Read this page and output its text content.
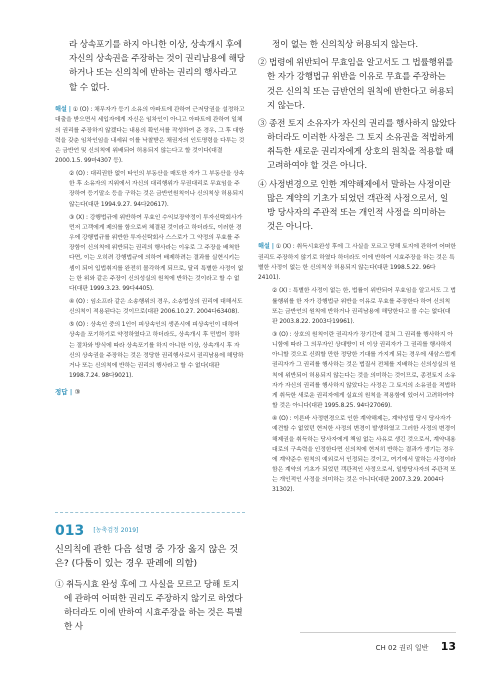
라 상속포기를 하지 아니한 이상, 상속개시 후에 자신의 상속권을 주장하는 것이 권리남용에 해당하거나 또는 신의칙에 반하는 권리의 행사라고 할 수 없다.

해설 | ① (O) : 채무자가 등기 소유의 아파트에 관하여 근저당권을 설정하고 대출을 받으면서 세입자에게 자신은 임차인이 아니고 아파트에 관하여 일체의 권리를 주장하지 않겠다는 내용의 확인서를 작성하여 준 경우, 그 후 대항력을 갖춘 임차인임을 내세워 이를 낙찰받은 채권자의 인도명령을 다투는 것은 금반언 및 신의칙에 위배되어 허용되지 않는다고 할 것이다(대결 2000.1.5. 99마4307 등).
② (O) : 대리권한 없이 타인의 부동산을 매도한 자가 그 부동산을 상속한 후 소유자의 지위에서 자신의 대리행위가 무권대리로 무효임을 주장하여 등기말소 등을 구하는 것은 금반언원칙이나 신의칙상 허용되지 않는다(대판 1994.9.27. 94다20617).
③ (X) : 강행법규에 위반하여 무효인 수익보장약정이 투자신탁회사가 먼저 고객에게 제의를 함으로써 체결된 것이라고 하더라도, 이러한 경우에 강행법규를 위반한 투자신탁회사 스스로가 그 약정의 무효를 주장함이 신의칙에 위반되는 권리의 행사라는 이유로 그 주장을 배척한다면, 이는 오히려 강행법규에 의하여 배제하려는 결과를 실현시키는 셈이 되어 입법취지를 완전히 몰각하게 되므로, 달리 특별한 사정이 없는 한 위와 같은 주장이 신의성실의 원칙에 반하는 것이라고 할 수 없다(대판 1999.3.23. 99다4405).
④ (O) : 임소프라 같은 소송행위의 경우, 소송법상의 권리에 대해서도 신의칙이 적용된다는 것이므로(대판 2006.10.27. 2004다63408).
⑤ (O) : 상속인 중의 1인이 피상속인의 생존시에 피상속인이 대하여 상속을 포기하기로 약정하였다고 하더라도, 상속개시 후 민법이 정하는 절차와 방식에 따라 상속포기를 하지 아니한 이상, 상속개시 후 자신의 상속권을 주장하는 것은 정당한 권리행사로서 권리남용에 해당하거나 또는 신의칙에 반하는 권리의 행사라고 할 수 없다(대판 1998.7.24. 98다9021).
정답 | ③
013 [농축검정 2019]
신의칙에 관한 다음 설명 중 가장 옳지 않은 것은? (다툼이 있는 경우 판례에 의함)
① 취득시효 완성 후에 그 사실을 모르고 당해 토지에 관하여 어떠한 권리도 주장하지 않기로 하였다 하더라도 이에 반하여 시효주장을 하는 것은 특별한 사

정이 없는 한 신의칙상 허용되지 않는다.

② 법령에 위반되어 무효임을 알고서도 그 법률행위를 한 자가 강행법규 위반을 이유로 무효를 주장하는 것은 신의칙 또는 금반언의 원칙에 반한다고 허용되지 않는다.
③ 종전 토지 소유자가 자신의 권리를 행사하지 않았다 하더라도 이러한 사정은 그 토지 소유권을 적법하게 취득한 새로운 권리자에게 상호의 원칙을 적용할 때 고려하여야 할 것은 아니다.
④ 사정변경으로 인한 계약해제에서 말하는 사정이란 많은 계약의 기초가 되었던 객관적 사정으로서, 일방 당사자의 주관적 또는 개인적 사정을 의미하는 것은 아니다.
해설 | ① (X) : 취득시효완성 후에 그 사실을 모르고 당해 토지에 관하여 어떠한 권리도 주장하지 않기로 하였다 하더라도 이에 반하여 시효주장을 하는 것은 특별한 사정이 없는 한 신의칙상 허용되지 않는다(대판 1998.5.22. 96다24101).
② (X) : 특별한 사정이 없는 한, 법률이 위반되어 무효임을 알고서도 그 법률행위를 한 자가 강행법규 위반을 이유로 무효를 주장한다 하여 신의칙 또는 금반언의 원칙에 반하거나 권리남용에 해당한다고 볼 수는 없다(대판 2003.8.22. 2003다19961).
③ (O) : 상호의 원칙이란 권리자가 장기간에 걸쳐 그 권리를 행사하지 아니함에 따라 그 의무자인 상대방이 더 이상 권리자가 그 권리를 행사하지 아니할 것으로 신뢰할 만한 정당한 기대를 가지게 되는 경우에 새삼스럽게 권리자가 그 권리를 행사하는 것은 법질서 전체를 지배하는 신의성실의 원칙에 위반되어 허용되지 않는다는 것을 의미하는 것이므로, 종전토지 소유자가 자신의 권리를 행사하지 않았다는 사정은 그 토지의 소유권을 적법하게 취득한 새로운 권리자에게 실효의 원칙을 적용함에 있어서 고려하여야 할 것은 아니다(대판 1995.8.25. 94다27069).
④ (O) : 이른바 사정변경으로 인한 계약해제는, 계약성립 당시 당사자가 예견할 수 없었던 현저한 사정의 변경이 발생하였고 그러한 사정의 변경이 해제권을 취득하는 당사자에게 책임 없는 사유로 생긴 것으로서, 계약내용대로의 구속력을 인정한다면 신의칙에 현저히 반하는 결과가 생기는 경우에 계약준수 원칙의 예외로서 인정되는 것이고, 여기에서 말하는 사정이라 함은 계약의 기초가 되었던 객관적인 사정으로서, 일방당사자의 주관적 또는 개인적인 사정을 의미하는 것은 아니다(대판 2007.3.29. 2004다31302).
CH 02 권리 일반 13
